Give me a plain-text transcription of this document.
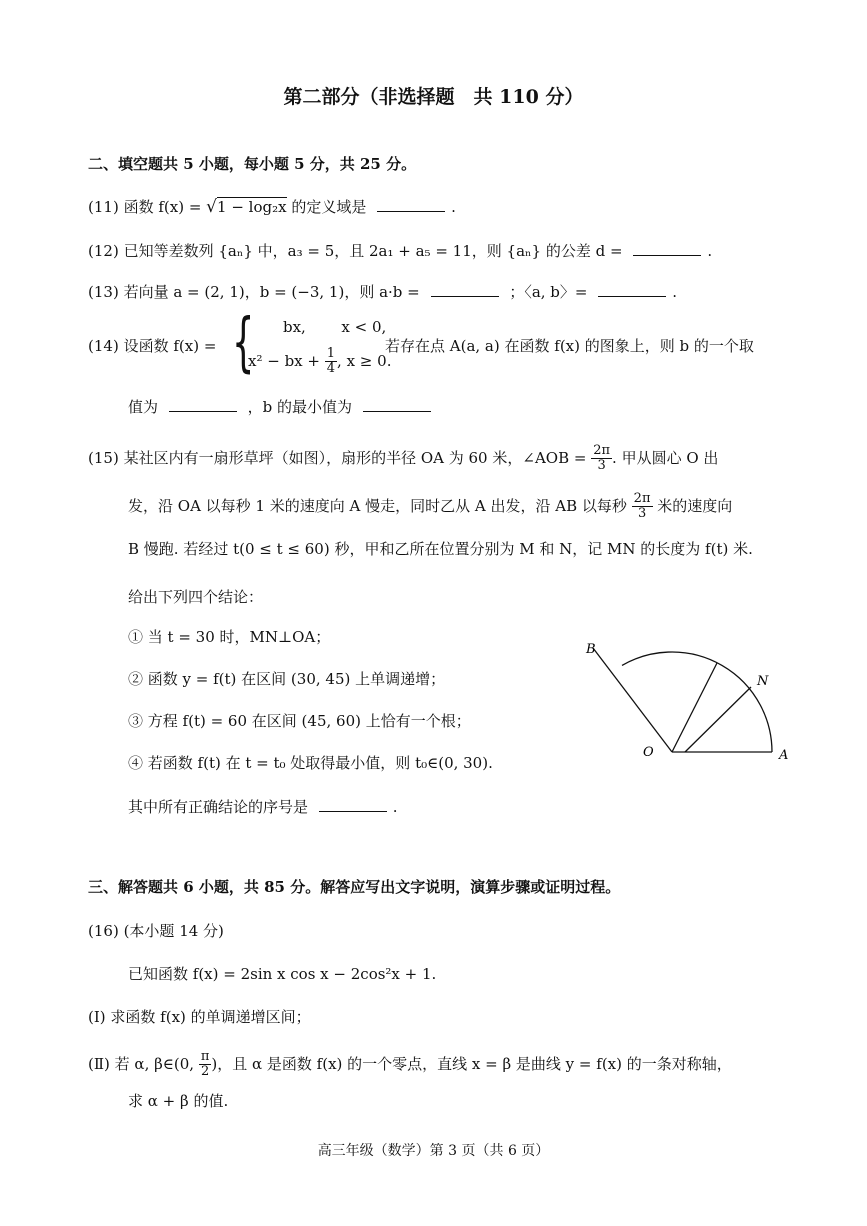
第二部分（非选择题　共 110 分）
二、填空题共 5 小题，每小题 5 分，共 25 分。
(11) 函数 f(x) = √1 − log₂x 的定义域是	.
(12) 已知等差数列 {aₙ} 中，a₃ = 5，且 2a₁ + a₅ = 11，则 {aₙ} 的公差 d =	.
(13) 若向量 a = (2, 1)，b = (−3, 1)，则 a·b =	；〈a, b〉=	.
(14) 设函数 f(x) = { bx, x < 0,
x² − bx + $\frac{1}{4}$ , x ≥ 0.
若存在点 A(a, a) 在函数 f(x) 的图象上，则 b 的一个取
值为	，b 的最小值为
(15) 某社区内有一扇形草坪（如图），扇形的半径 OA 为 60 米，∠AOB = $\frac{2\pi}{3}$ . 甲从圆心 O 出
发，沿 OA 以每秒 1 米的速度向 A 慢走，同时乙从 A 出发，沿 AB 以每秒 $\frac{2\pi}{3}$ 米的速度向
B 慢跑. 若经过 t(0 ≤ t ≤ 60) 秒，甲和乙所在位置分别为 M 和 N，记 MN 的长度为 f(t) 米.
给出下列四个结论：
① 当 t = 30 时，MN⊥OA；
② 函数 y = f(t) 在区间 (30, 45) 上单调递增；
③ 方程 f(t) = 60 在区间 (45, 60) 上恰有一个根；
④ 若函数 f(t) 在 t = t₀ 处取得最小值，则 t₀∈(0, 30).
其中所有正确结论的序号是	.
B
N
O	A
三、解答题共 6 小题，共 85 分。解答应写出文字说明，演算步骤或证明过程。
(16) (本小题 14 分)
已知函数 f(x) = 2sin x cos x − 2cos²x + 1.
(Ⅰ) 求函数 f(x) 的单调递增区间；
(Ⅱ) 若 α, β∈(0, $\frac{\pi}{2}$ )，且 α 是函数 f(x) 的一个零点，直线 x = β 是曲线 y = f(x) 的一条对称轴，
求 α + β 的值.
高三年级（数学）第 3 页（共 6 页）
